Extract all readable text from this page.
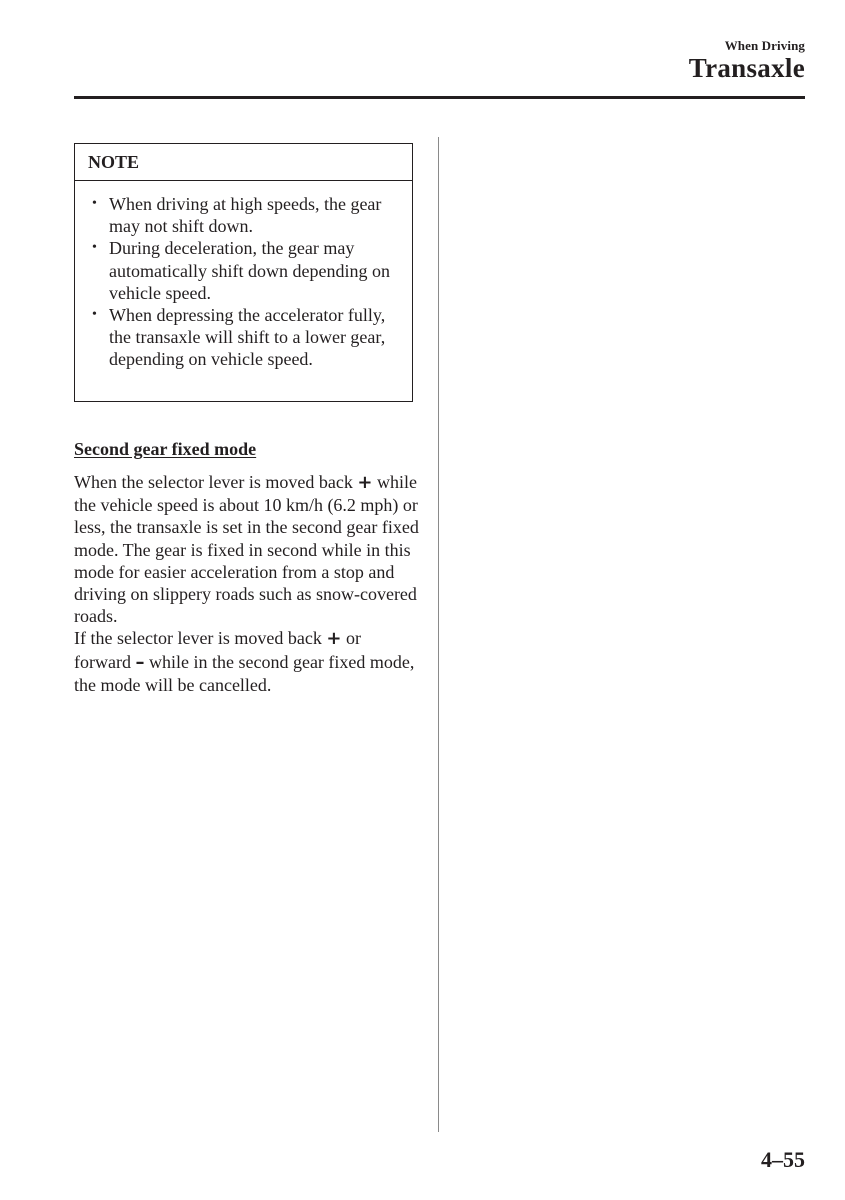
When Driving
Transaxle
NOTE
• When driving at high speeds, the gear may not shift down.
• During deceleration, the gear may automatically shift down depending on vehicle speed.
• When depressing the accelerator fully, the transaxle will shift to a lower gear, depending on vehicle speed.
Second gear fixed mode

When the selector lever is moved back + while the vehicle speed is about 10 km/h (6.2 mph) or less, the transaxle is set in the second gear fixed mode. The gear is fixed in second while in this mode for easier acceleration from a stop and driving on slippery roads such as snow-covered roads.

If the selector lever is moved back + or forward – while in the second gear fixed mode, the mode will be cancelled.

4–55
